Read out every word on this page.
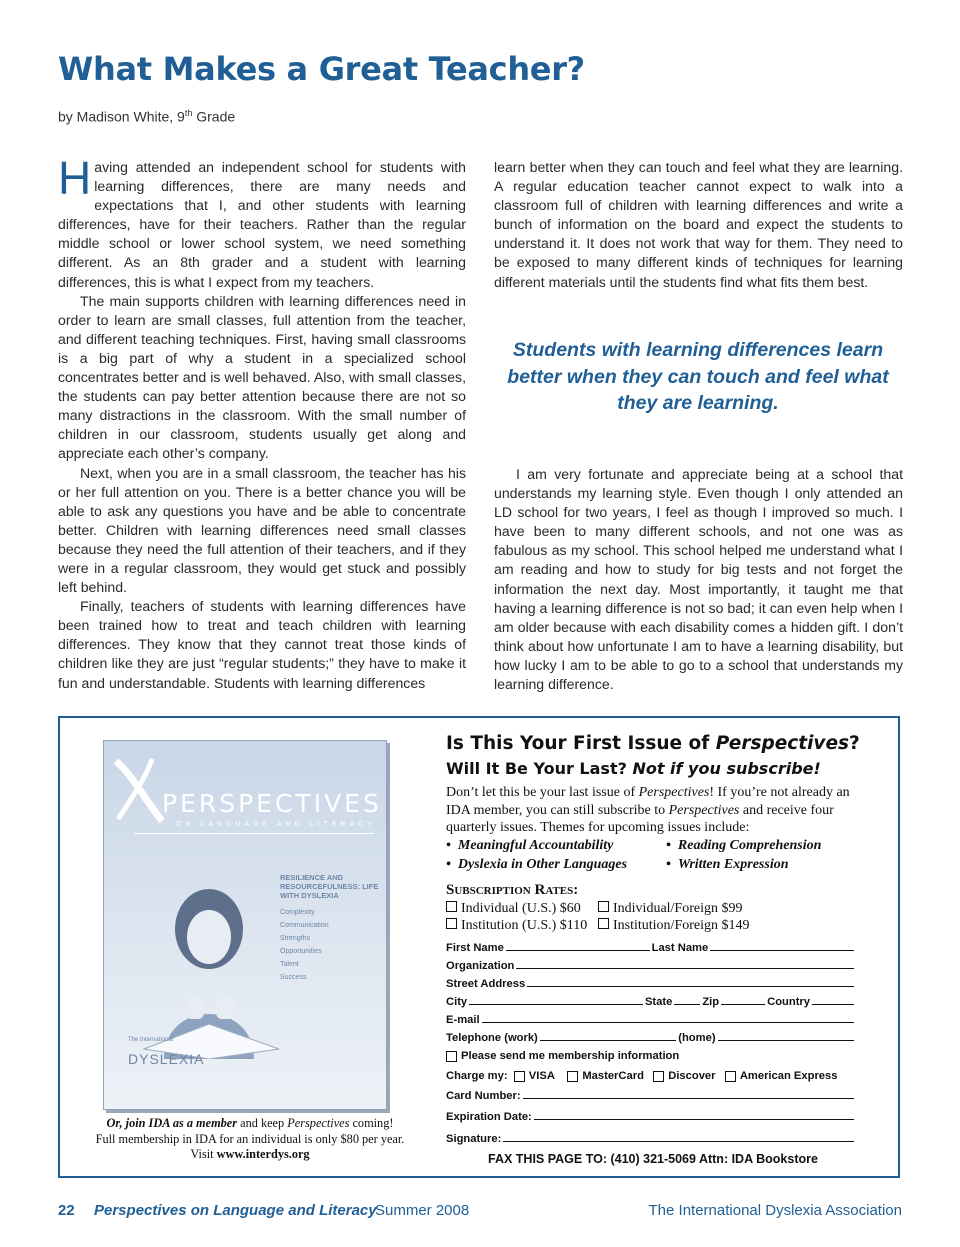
What Makes a Great Teacher?
by Madison White, 9th Grade

Having attended an independent school for students with learning differences, there are many needs and expectations that I, and other students with learning differences, have for their teachers. Rather than the regular middle school or lower school system, we need something different. As an 8th grader and a student with learning differences, this is what I expect from my teachers.

The main supports children with learning differences need in order to learn are small classes, full attention from the teacher, and different teaching techniques. First, having small classrooms is a big part of why a student in a specialized school concentrates better and is well behaved. Also, with small classes, the students can pay better attention because there are not so many distractions in the classroom. With the small number of children in our classroom, students usually get along and appreciate each other’s company.

Next, when you are in a small classroom, the teacher has his or her full attention on you. There is a better chance you will be able to ask any questions you have and be able to concentrate better. Children with learning differences need small classes because they need the full attention of their teachers, and if they were in a regular classroom, they would get stuck and possibly left behind.

Finally, teachers of students with learning differences have been trained how to treat and teach children with learning differences. They know that they cannot treat those kinds of children like they are just “regular students;” they have to make it fun and understandable. Students with learning differences

learn better when they can touch and feel what they are learning. A regular education teacher cannot expect to walk into a classroom full of children with learning differences and write a bunch of information on the board and expect the students to understand it. It does not work that way for them. They need to be exposed to many different kinds of techniques for learning different materials until the students find what fits them best.

Students with learning differences learn better when they can touch and feel what they are learning.

I am very fortunate and appreciate being at a school that understands my learning style. Even though I only attended an LD school for two years, I feel as though I improved so much. I have been to many different schools, and not one was as fabulous as my school. This school helped me understand what I am reading and how to study for big tests and not forget the information the next day. Most importantly, it taught me that having a learning difference is not so bad; it can even help when I am older because with each disability comes a hidden gift. I don’t think about how unfortunate I am to have a learning disability, but how lucky I am to be able to go to a school that understands my learning difference.

PERSPECTIVES
ON LANGUAGE AND LITERACY
RESILIENCE AND RESOURCEFULNESS: LIFE WITH DYSLEXIA
Complexity
Communication
Strengths
Opportunities
Talent
Success
The International
DYSLEXIA
Or, join IDA as a member and keep Perspectives coming!
Full membership in IDA for an individual is only $80 per year.
Visit www.interdys.org
Is This Your First Issue of Perspectives?
Will It Be Your Last? Not if you subscribe!
Don’t let this be your last issue of Perspectives! If you’re not already an IDA member, you can still subscribe to Perspectives and receive four quarterly issues. Themes for upcoming issues include:
• Meaningful Accountability	• Reading Comprehension
• Dyslexia in Other Languages	• Written Expression
Subscription Rates:
Individual (U.S.) $60	Individual/Foreign $99
Institution (U.S.) $110	Institution/Foreign $149
First Name	Last Name
Organization
Street Address
City	State	Zip	Country
E-mail
Telephone (work)	(home)
Please send me membership information
Charge my:
VISA
MasterCard
Discover
American Express
Card Number:
Expiration Date:
Signature:
FAX THIS PAGE TO: (410) 321-5069 Attn: IDA Bookstore
22 Perspectives on Language and Literacy
Summer 2008	The International Dyslexia Association
